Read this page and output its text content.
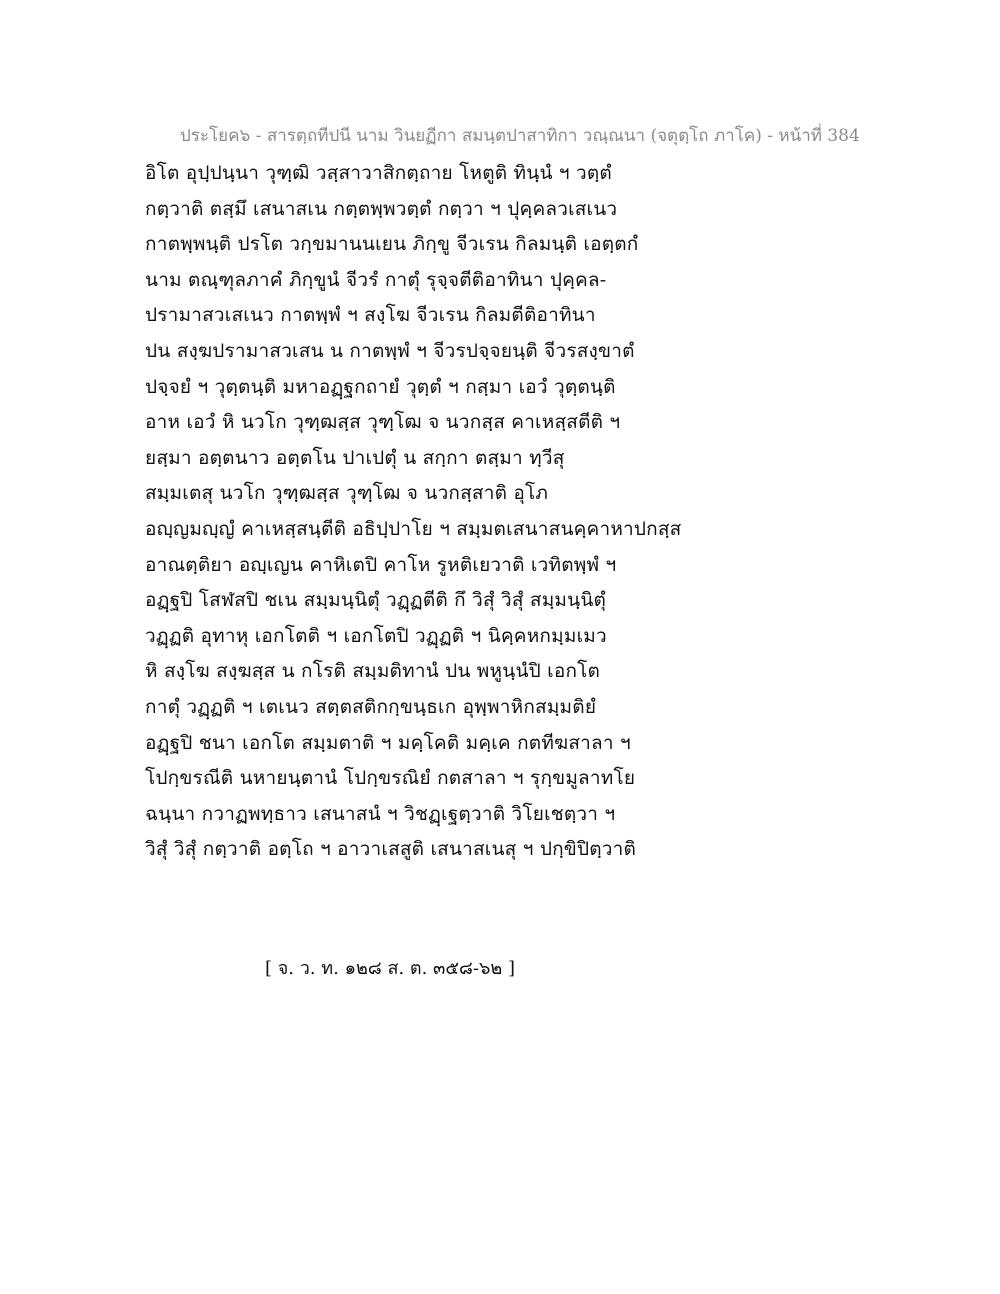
ประโยค๖ - สารตฺถทีปนี นาม วินยฏีกา สมนฺตปาสาทิกา วณฺณนา (จตุตฺโถ ภาโค) - หน้าที่ 384
อิโต อุปฺปนฺนา วุฑฺฒิ วสฺสาวาสิกตฺถาย โหตูติ ทินฺนํ ฯ วตฺตํ
กตฺวาติ ตสฺมึ เสนาสเน กตฺตพฺพวตฺตํ กตฺวา ฯ ปุคฺคลวเสเนว
กาตพฺพนฺติ ปรโต วกฺขมานนเยน ภิกฺขู จีวเรน กิลมนฺติ เอตฺตกํ
นาม ตณฺฑุลภาคํ ภิกฺขูนํ จีวรํ กาตุํ รุจฺจตีติอาทินา ปุคฺคล-
ปรามาสวเสเนว กาตพฺพํ ฯ สงฺโฆ จีวเรน กิลมตีติอาทินา
ปน สงฺฆปรามาสวเสน น กาตพฺพํ ฯ จีวรปจฺจยนฺติ จีวรสงฺขาตํ
ปจฺจยํ ฯ วุตฺตนฺติ มหาอฏฺฐกถายํ วุตฺตํ ฯ กสฺมา เอวํ วุตฺตนฺติ
อาห เอวํ หิ นวโก วุฑฺฒสฺส วุฑฺโฒ จ นวกสฺส คาเหสฺสตีติ ฯ
ยสฺมา อตฺตนาว อตฺตโน ปาเปตุํ น สกฺกา ตสฺมา ทฺวีสุ
สมฺมเตสุ นวโก วุฑฺฒสฺส วุฑฺโฒ จ นวกสฺสาติ อุโภ
อญฺญมญฺญํ คาเหสฺสนฺตีติ อธิปฺปาโย ฯ สมฺมตเสนาสนคฺคาหาปกสฺส
อาณตฺติยา อญฺเญน คาหิเตปิ คาโห รูหติเยวาติ เวทิตพฺพํ ฯ
อฏฺฐปิ โสฬสปิ ชเน สมฺมนฺนิตุํ วฏฺฏตีติ กึ วิสุํ วิสุํ สมฺมนฺนิตุํ
วฏฺฏติ อุทาหุ เอกโตติ ฯ เอกโตปิ วฏฺฏติ ฯ นิคฺคหกมฺมเมว
หิ สงฺโฆ สงฺฆสฺส น กโรติ สมฺมติทานํ ปน พหูนฺนํปิ เอกโต
กาตุํ วฏฺฏติ ฯ เตเนว สตฺตสติกกฺขนฺธเก อุพฺพาหิกสมฺมติยํ
อฏฺฐปิ ชนา เอกโต สมฺมตาติ ฯ มคฺโคติ มคฺเค กตทีฆสาลา ฯ
โปกฺขรณีติ นหายนฺตานํ โปกฺขรณิยํ กตสาลา ฯ รุกฺขมูลาทโย
ฉนฺนา กวาฏพทฺธาว เสนาสนํ ฯ วิชฏฺเฐตฺวาติ วิโยเชตฺวา ฯ
วิสุํ วิสุํ กตฺวาติ อตฺโถ ฯ อาวาเสสูติ เสนาสเนสุ ฯ ปกฺขิปิตฺวาติ
[ จ. ว. ท. ๑๒๘ ส. ต. ๓๕๘-๖๒ ]
